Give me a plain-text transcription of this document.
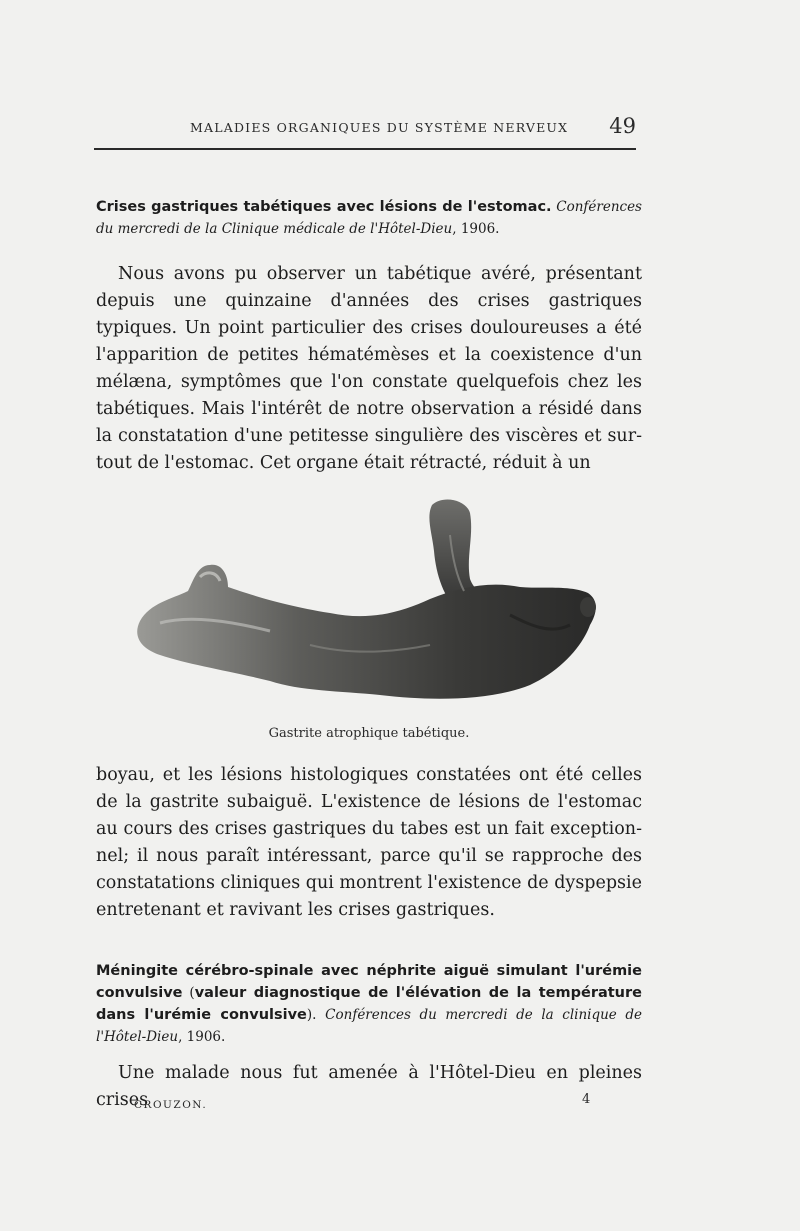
MALADIES ORGANIQUES DU SYSTÈME NERVEUX 49
Crises gastriques tabétiques avec lésions de l'estomac. Conférences du mercredi de la Clinique médicale de l'Hôtel-Dieu, 1906.

Nous avons pu observer un tabétique avéré, présentant depuis une quinzaine d'années des crises gastriques typiques. Un point particulier des crises douloureuses a été l'apparition de petites hématémèses et la coexistence d'un mélæna, symptômes que l'on constate quelquefois chez les tabétiques. Mais l'intérêt de notre observation a résidé dans la constatation d'une petitesse singulière des viscères et surtout de l'estomac. Cet organe était rétracté, réduit à un

Gastrite atrophique tabétique.

boyau, et les lésions histologiques constatées ont été celles de la gastrite subaiguë. L'existence de lésions de l'estomac au cours des crises gastriques du tabes est un fait exceptionnel; il nous paraît intéressant, parce qu'il se rapproche des constatations cliniques qui montrent l'existence de dyspepsie entretenant et ravivant les crises gastriques.

Méningite cérébro-spinale avec néphrite aiguë simulant l'urémie convulsive (valeur diagnostique de l'élévation de la température dans l'urémie convulsive). Conférences du mercredi de la clinique de l'Hôtel-Dieu, 1906.

Une malade nous fut amenée à l'Hôtel-Dieu en pleines crises

CROUZON.	4
